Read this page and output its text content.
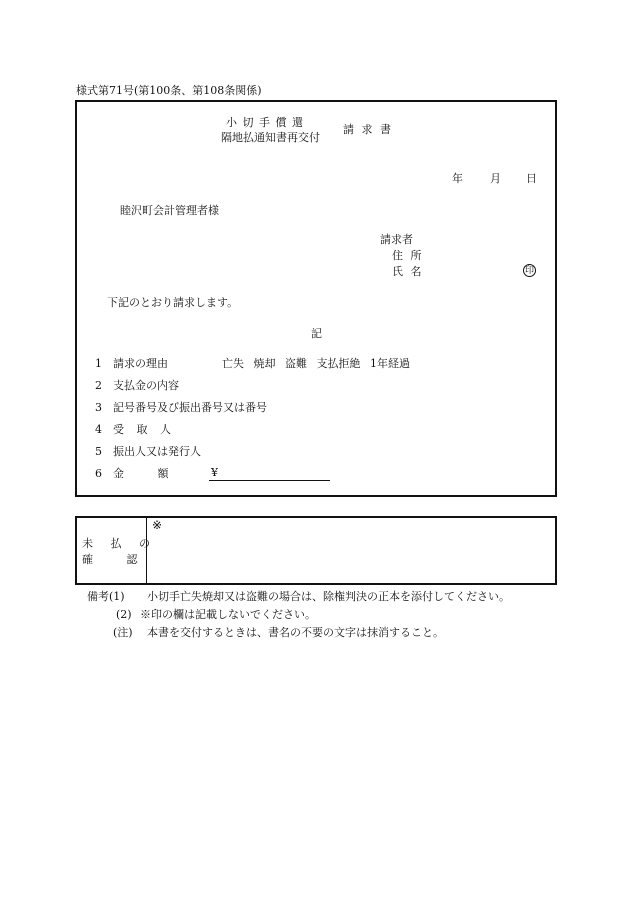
様式第71号(第100条、第108条関係)
小 切 手 償 還
隔地払通知書再交付
請 求 書
年 月 日
睦沢町会計管理者様
請求者
住 所
氏 名	印
下記のとおり請求します。
記
1 請求の理由	亡失 焼却 盗難 支払拒絶 1年経過
2 支払金の内容
3 記号番号及び振出番号又は番号
4 受 取 人
5 振出人又は発行人
6 金 額	¥
未 払 の
確 認
※
備考(1) 小切手亡失焼却又は盗難の場合は、除権判決の正本を添付してください。
(2) ※印の欄は記載しないでください。
(注) 本書を交付するときは、書名の不要の文字は抹消すること。
